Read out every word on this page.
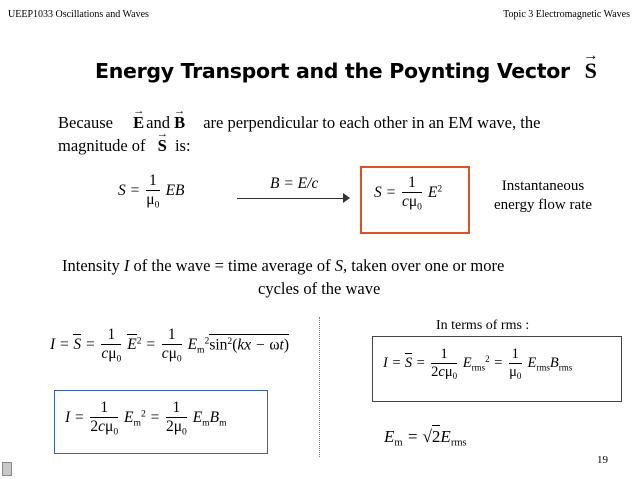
UEEP1033 Oscillations and Waves	Topic 3 Electromagnetic Waves
Energy Transport and the Poynting Vector → S
Because → E and → B are perpendicular to each other in an EM wave, the
magnitude of → S is:
$S = \frac{1}{\mu_0}$ EB	B = E/c
$S = \frac{1}{c\mu_0} E^2$	Instantaneous
energy flow rate
Intensity I of the wave = time average of S, taken over one or more
cycles of the wave
$I = S = \frac{1}{c\mu_0} E^2 = \frac{1}{c\mu_0} E_m^2\sin^2(kx - \omega t)$
$I = \frac{1}{2c\mu_0} E_m^2 = \frac{1}{2\mu_0} E_mB_m$
In terms of rms :
$I = S = \frac{1}{2c\mu_0} E_{rms}^2 = \frac{1}{\mu_0} E_{rms}B_{rms}$
$E_m = √2E_{rms}$
19
